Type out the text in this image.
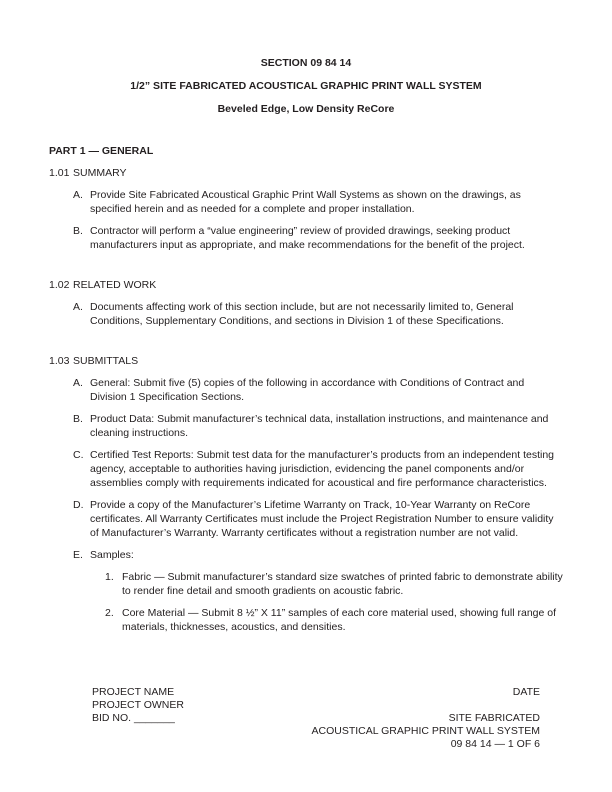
SECTION 09 84 14
1/2” SITE FABRICATED ACOUSTICAL GRAPHIC PRINT WALL SYSTEM
Beveled Edge, Low Density ReCore
PART 1 — GENERAL
1.01 SUMMARY
A. Provide Site Fabricated Acoustical Graphic Print Wall Systems as shown on the drawings, as specified herein and as needed for a complete and proper installation.
B. Contractor will perform a “value engineering” review of provided drawings, seeking product manufacturers input as appropriate, and make recommendations for the benefit of the project.
1.02 RELATED WORK
A. Documents affecting work of this section include, but are not necessarily limited to, General Conditions, Supplementary Conditions, and sections in Division 1 of these Specifications.
1.03 SUBMITTALS
A. General: Submit five (5) copies of the following in accordance with Conditions of Contract and Division 1 Specification Sections.
B. Product Data: Submit manufacturer’s technical data, installation instructions, and maintenance and cleaning instructions.
C. Certified Test Reports: Submit test data for the manufacturer’s products from an independent testing agency, acceptable to authorities having jurisdiction, evidencing the panel components and/or assemblies comply with requirements indicated for acoustical and fire performance characteristics.
D. Provide a copy of the Manufacturer’s Lifetime Warranty on Track, 10-Year Warranty on ReCore certificates. All Warranty Certificates must include the Project Registration Number to ensure validity of Manufacturer’s Warranty. Warranty certificates without a registration number are not valid.
E. Samples:
1. Fabric — Submit manufacturer’s standard size swatches of printed fabric to demonstrate ability to render fine detail and smooth gradients on acoustic fabric.
2. Core Material — Submit 8 ½” X 11” samples of each core material used, showing full range of materials, thicknesses, acoustics, and densities.
PROJECT NAME
PROJECT OWNER
BID NO. _______
DATE
SITE FABRICATED
ACOUSTICAL GRAPHIC PRINT WALL SYSTEM
09 84 14 — 1 OF 6
